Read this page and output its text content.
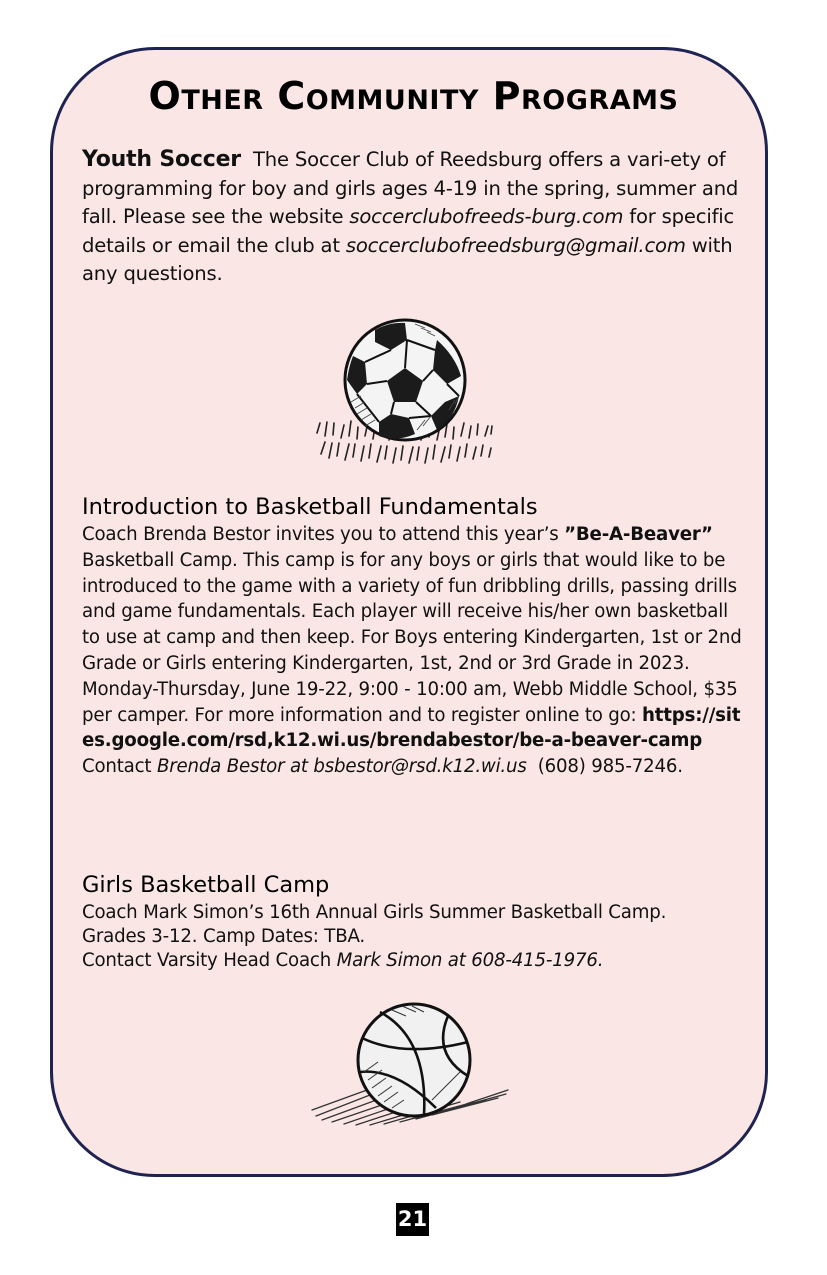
Other Community Programs

Youth Soccer The Soccer Club of Reedsburg offers a vari-ety of programming for boy and girls ages 4-19 in the spring, summer and fall. Please see the website soccerclubofreeds-burg.com for specific details or email the club at soccerclubofreedsburg@gmail.com with any questions.

Introduction to Basketball Fundamentals

Coach Brenda Bestor invites you to attend this year’s ”Be-A-Beaver” Basketball Camp. This camp is for any boys or girls that would like to be introduced to the game with a variety of fun dribbling drills, passing drills and game fundamentals. Each player will receive his/her own basketball to use at camp and then keep. For Boys entering Kindergarten, 1st or 2nd Grade or Girls entering Kindergarten, 1st, 2nd or 3rd Grade in 2023. Monday-Thursday, June 19-22, 9:00 - 10:00 am, Webb Middle School, $35 per camper. For more information and to register online to go: https://sites.google.com/rsd,k12.wi.us/brendabestor/be-a-beaver-camp

Contact Brenda Bestor at bsbestor@rsd.k12.wi.us  (608) 985-7246.

Girls Basketball Camp

Coach Mark Simon’s 16th Annual Girls Summer Basketball Camp.

Grades 3-12. Camp Dates: TBA.

Contact Varsity Head Coach Mark Simon at 608-415-1976.

21
